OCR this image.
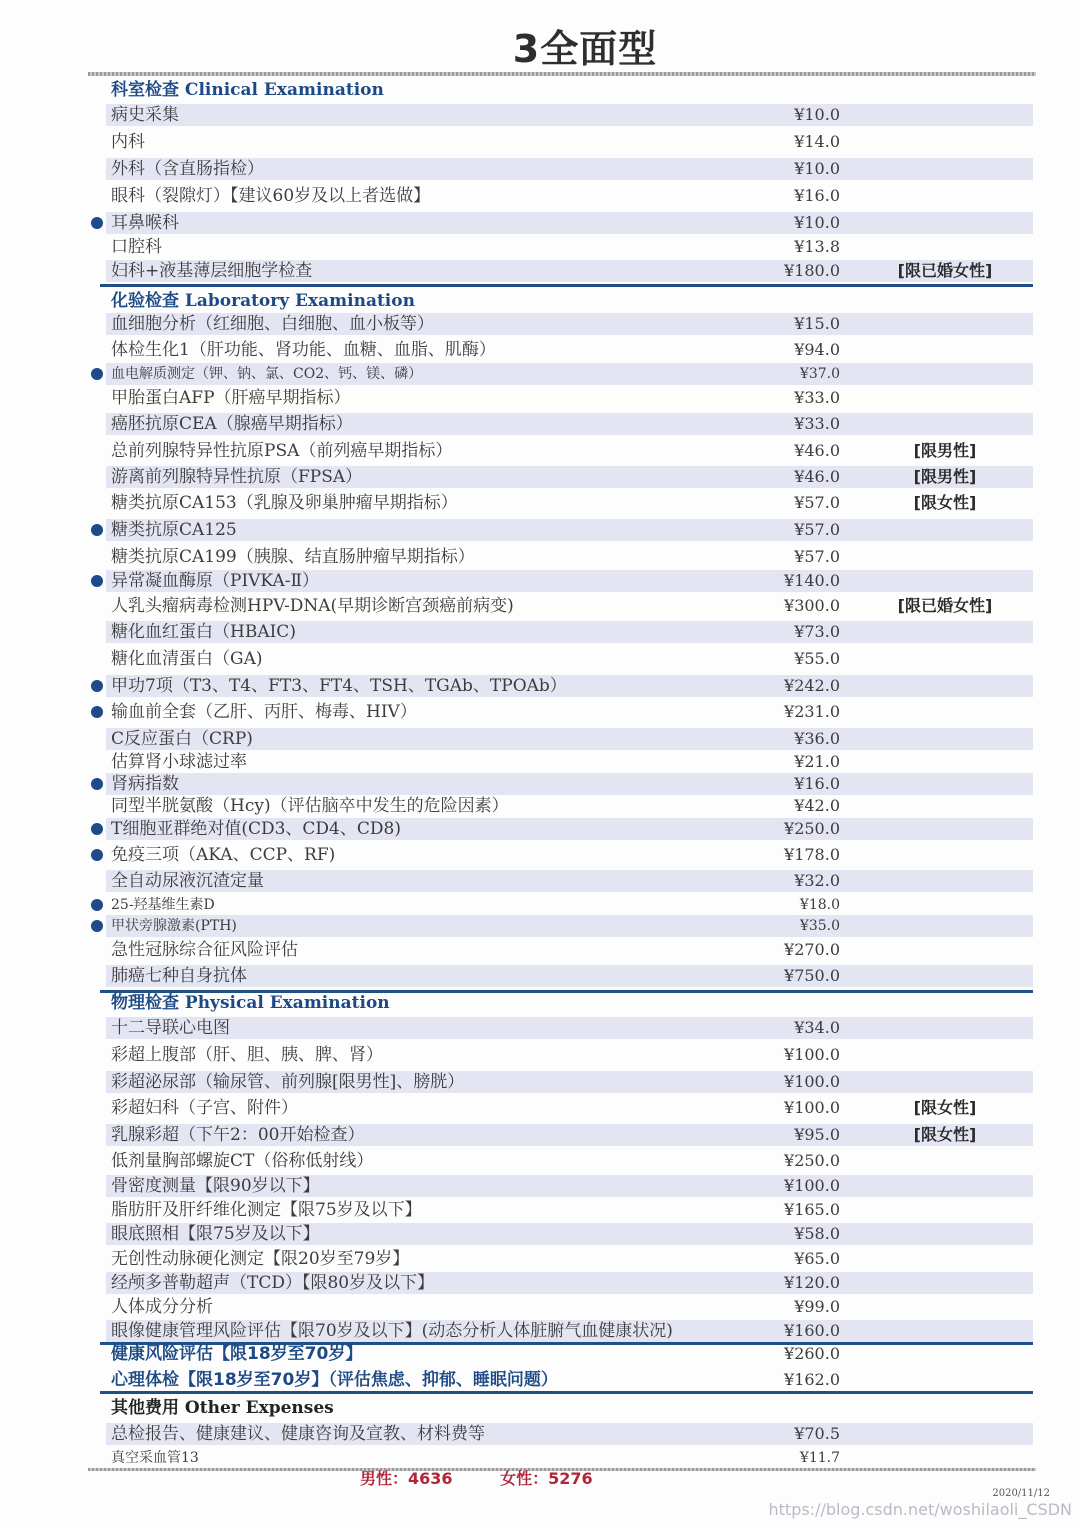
3全面型
科室检查 Clinical Examination
化验检查 Laboratory Examination
物理检查 Physical Examination
其他费用 Other Expenses
病史采集	¥10.0
内科	¥14.0
外科（含直肠指检）	¥10.0
眼科（裂隙灯）【建议60岁及以上者选做】	¥16.0
耳鼻喉科	¥10.0
口腔科	¥13.8
妇科+液基薄层细胞学检查	¥180.0	[限已婚女性]
血细胞分析（红细胞、白细胞、血小板等）	¥15.0
体检生化1（肝功能、肾功能、血糖、血脂、肌酶）	¥94.0
血电解质测定（钾、钠、氯、CO2、钙、镁、磷）	¥37.0
甲胎蛋白AFP（肝癌早期指标）	¥33.0
癌胚抗原CEA（腺癌早期指标）	¥33.0
总前列腺特异性抗原PSA（前列癌早期指标）	¥46.0	[限男性]
游离前列腺特异性抗原（FPSA）	¥46.0	[限男性]
糖类抗原CA153（乳腺及卵巢肿瘤早期指标）	¥57.0	[限女性]
糖类抗原CA125	¥57.0
糖类抗原CA199（胰腺、结直肠肿瘤早期指标）	¥57.0
异常凝血酶原（PIVKA-Ⅱ）	¥140.0
人乳头瘤病毒检测HPV-DNA(早期诊断宫颈癌前病变)	¥300.0	[限已婚女性]
糖化血红蛋白（HBAIC)	¥73.0
糖化血清蛋白（GA)	¥55.0
甲功7项（T3、T4、FT3、FT4、TSH、TGAb、TPOAb）	¥242.0
输血前全套（乙肝、丙肝、梅毒、HIV）	¥231.0
C反应蛋白（CRP)	¥36.0
估算肾小球滤过率	¥21.0
肾病指数	¥16.0
同型半胱氨酸（Hcy)（评估脑卒中发生的危险因素）	¥42.0
T细胞亚群绝对值(CD3、CD4、CD8)	¥250.0
免疫三项（AKA、CCP、RF)	¥178.0
全自动尿液沉渣定量	¥32.0
25-羟基维生素D	¥18.0
甲状旁腺激素(PTH)	¥35.0
急性冠脉综合征风险评估	¥270.0
肺癌七种自身抗体	¥750.0
十二导联心电图	¥34.0
彩超上腹部（肝、胆、胰、脾、肾）	¥100.0
彩超泌尿部（输尿管、前列腺[限男性]、膀胱）	¥100.0
彩超妇科（子宫、附件）	¥100.0	[限女性]
乳腺彩超（下午2：00开始检查）	¥95.0	[限女性]
低剂量胸部螺旋CT（俗称低射线）	¥250.0
骨密度测量【限90岁以下】	¥100.0
脂肪肝及肝纤维化测定【限75岁及以下】	¥165.0
眼底照相【限75岁及以下】	¥58.0
无创性动脉硬化测定【限20岁至79岁】	¥65.0
经颅多普勒超声（TCD）【限80岁及以下】	¥120.0
人体成分分析	¥99.0
眼像健康管理风险评估【限70岁及以下】(动态分析人体脏腑气血健康状况)	¥160.0
健康风险评估【限18岁至70岁】	¥260.0
心理体检【限18岁至70岁】（评估焦虑、抑郁、睡眠问题）	¥162.0
总检报告、健康建议、健康咨询及宣教、材料费等	¥70.5
真空采血管13	¥11.7
男性：4636	女性：5276
2020/11/12
https://blog.csdn.net/woshilaoli_CSDN
